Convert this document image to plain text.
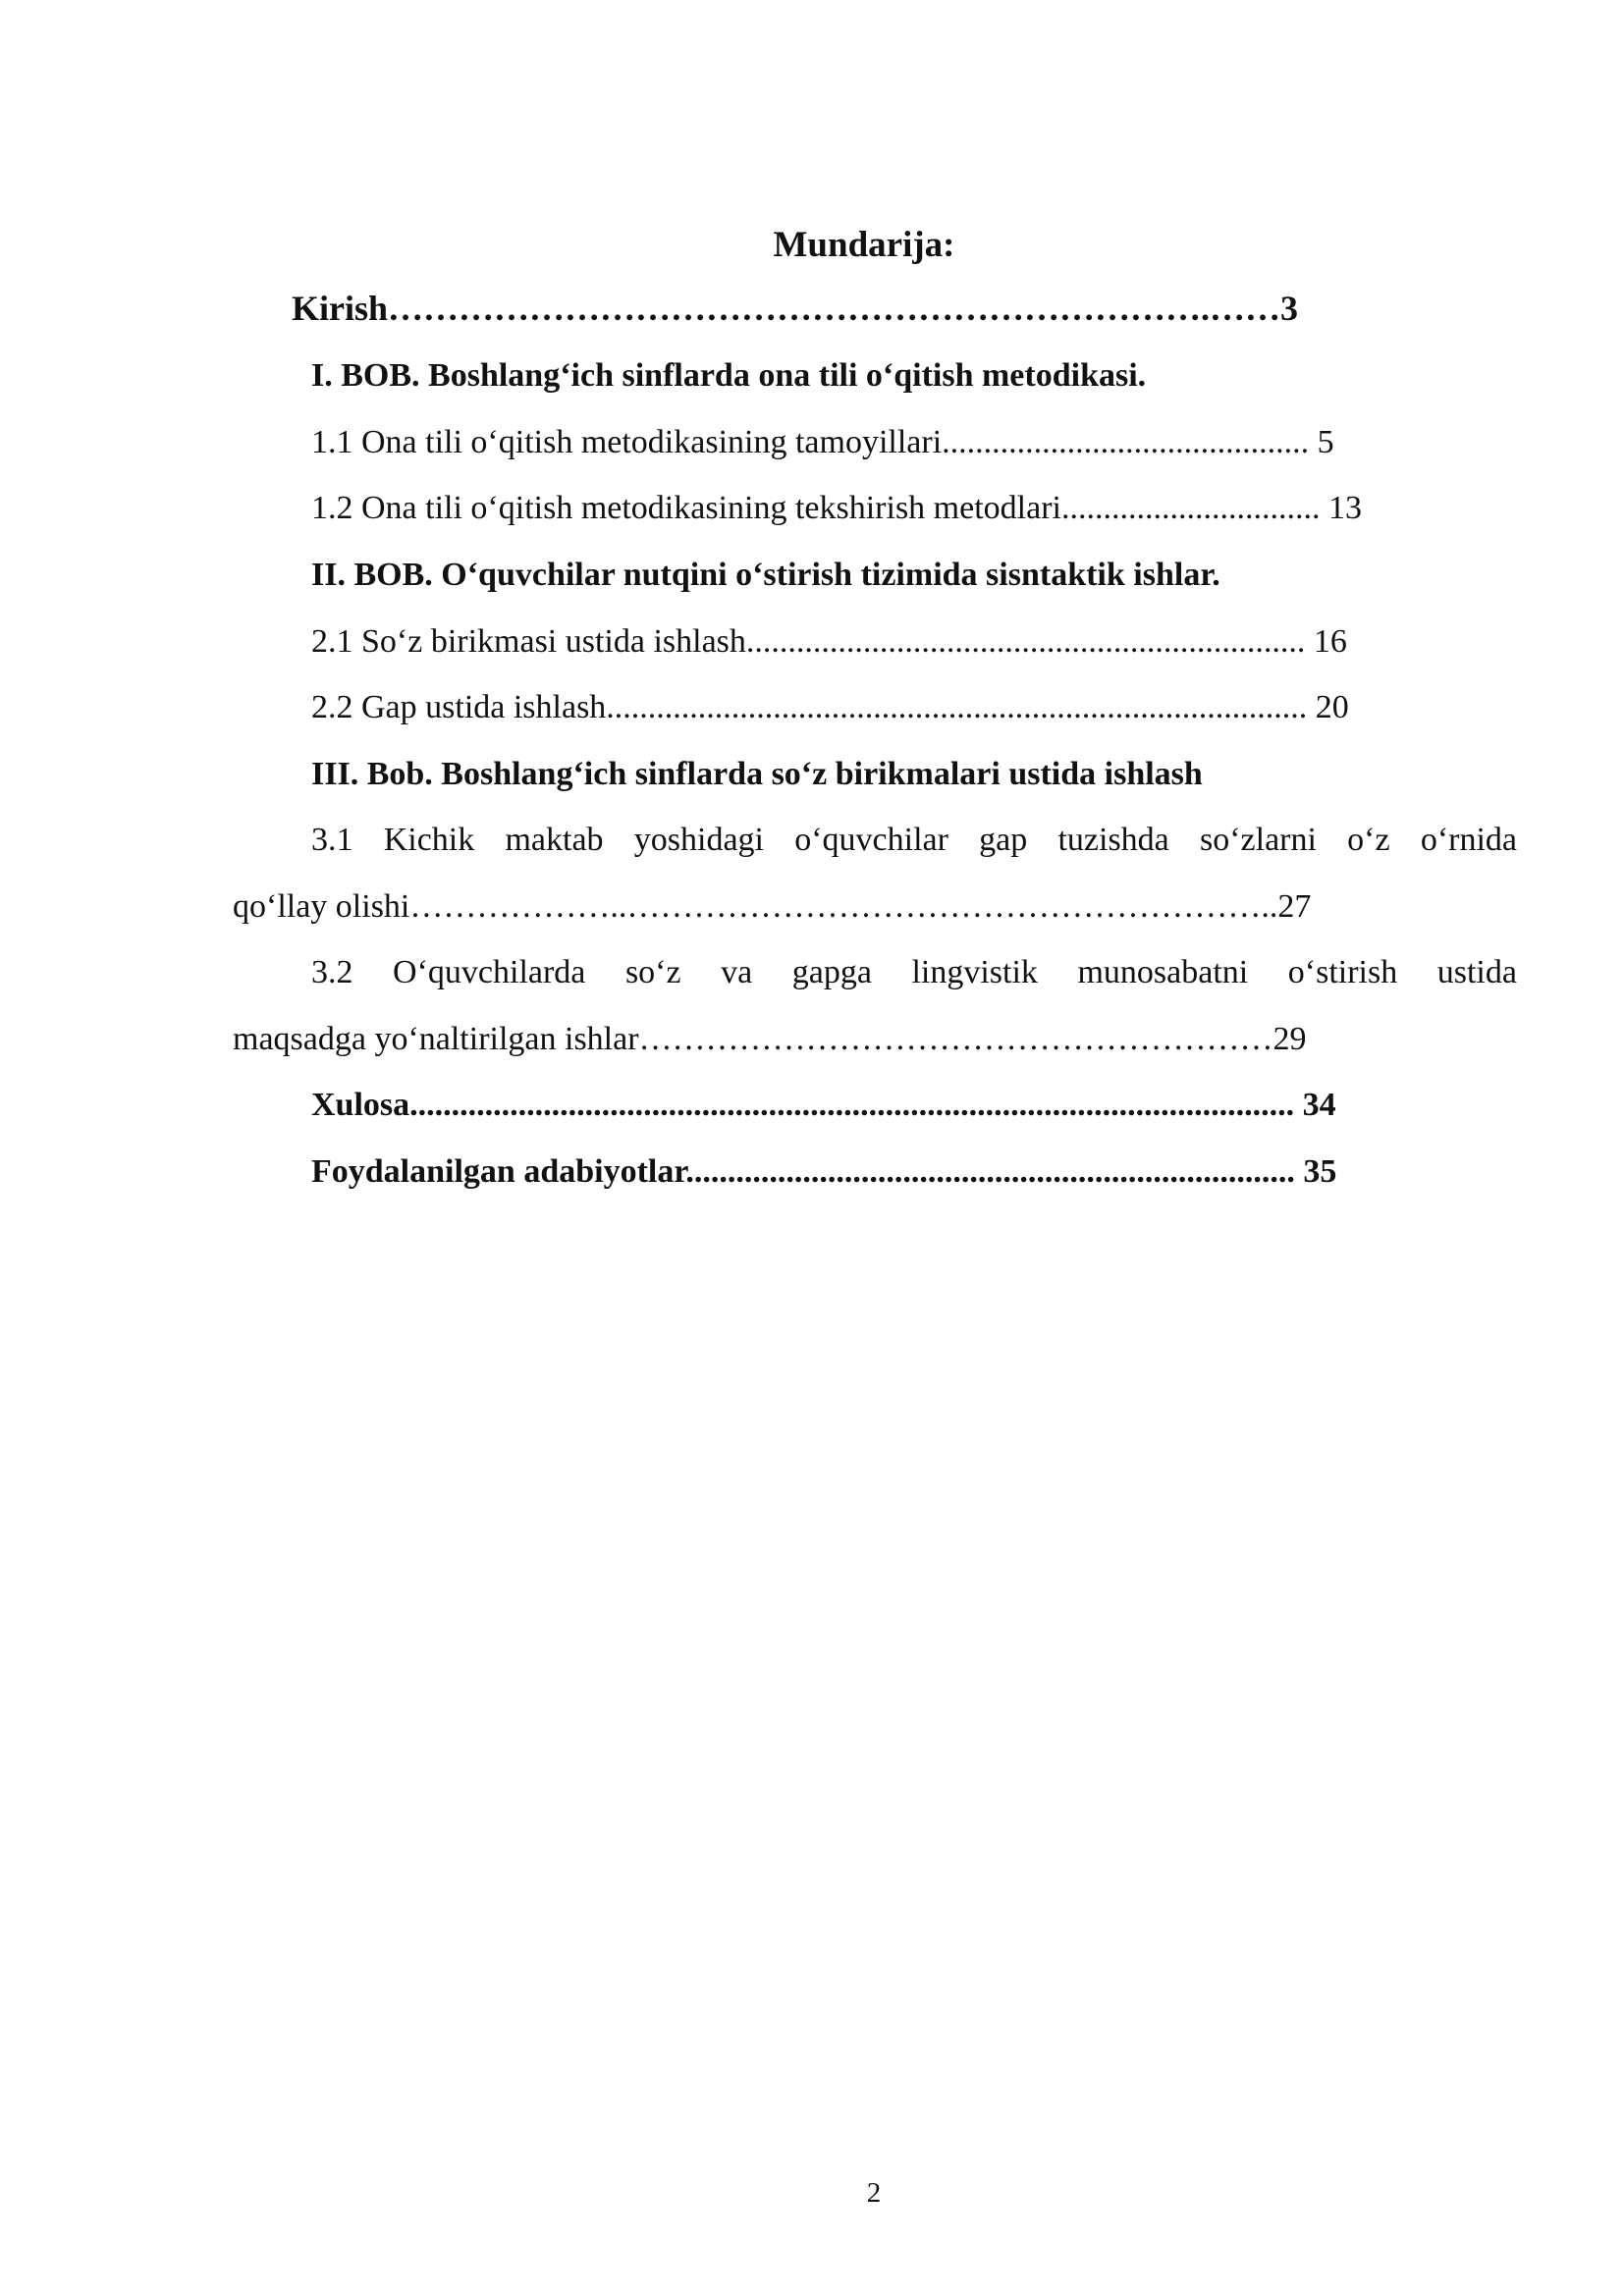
Mundarija:
Kirish…………………………………………………………….……3
I. BOB. Boshlang‘ich sinflarda ona tili o‘qitish metodikasi.
1.1 Ona tili o‘qitish metodikasining tamoyillari............................................ 5
1.2 Ona tili o‘qitish metodikasining tekshirish metodlari............................... 13
II. BOB. O‘quvchilar nutqini o‘stirish tizimida sisntaktik ishlar.
2.1 So‘z birikmasi ustida ishlash................................................................... 16
2.2 Gap ustida ishlash.................................................................................... 20
III. Bob. Boshlang‘ich sinflarda so‘z birikmalari ustida ishlash
3.1 Kichik maktab yoshidagi o‘quvchilar gap tuzishda so‘zlarni o‘z o‘rnida
qo‘llay olishi………………..…………………………………………………..27
3.2 O‘quvchilarda so‘z va gapga lingvistik munosabatni o‘stirish ustida
maqsadga yo‘naltirilgan ishlar…………………………………………………29
Xulosa.......................................................................................................... 34
Foydalanilgan adabiyotlar......................................................................... 35
2
